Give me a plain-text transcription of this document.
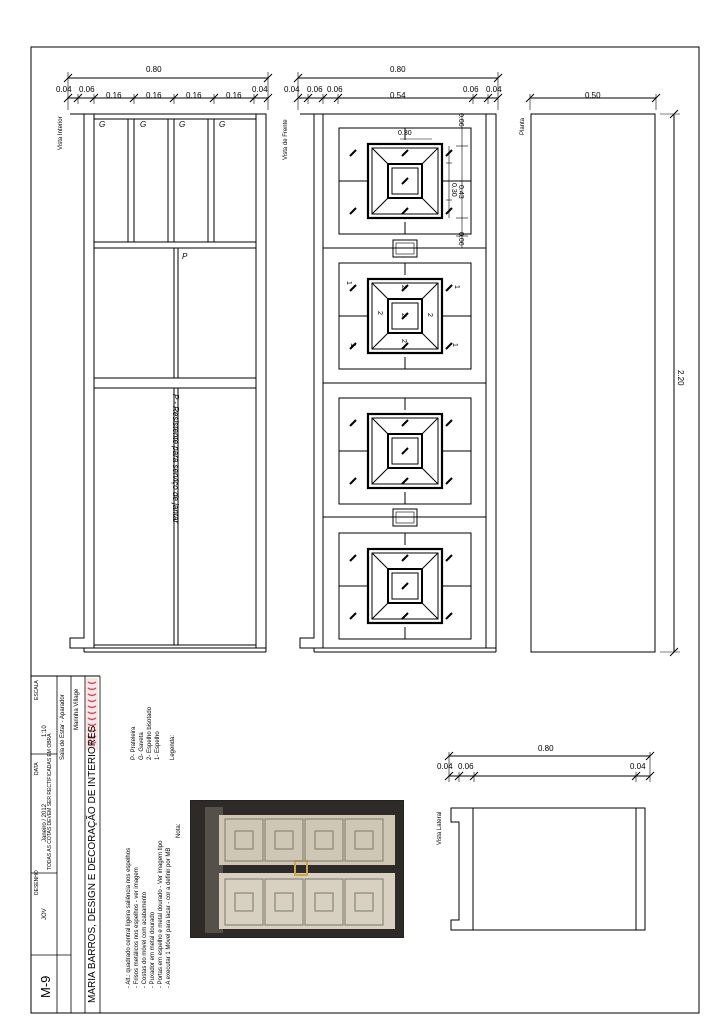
0.80
0.04 0.06
0.16	0.16	0.16	0.16
0.04
Vista Interior	G	G	G	G
P
P - Resistente para serviço de jantar
0.80
0.04 0.06 0.06
0.54
0.06 0.04
Vista de Frente	0.30
0.06
0.43
0.30
0.06
1
1
1	1
2
2
2	2
2
0.50
2.20
Planta
0.80
0.04 0.06	0.04
Vista Lateral
Legenda:
1- Espelho
2- Espelho bisotado
G- Gaveta
P- Prateleira
Nota:
- A executar 1 Móvel para lacar - cor a definir por MB
- Portas em espelho e metal dourado - Ver imagem tipo
- Puxador em metal dourado
- Costas do móvel com acabamento
- Frisos metálicos nos espelhos - ver imagem
- Alt.: quadrado central ligeira saliência nos espelhos
MARIA BARROS, DESIGN E DECORAÇÃO DE INTERIORES
Marinha Village
Sala de Estar - Aparador
ESCALA
1:10
TODAS AS COTAS DEVEM SER RECTIFICADAS EM OBRA
DATA
Janeiro / 2012
DESENHO
JOV
M-9
